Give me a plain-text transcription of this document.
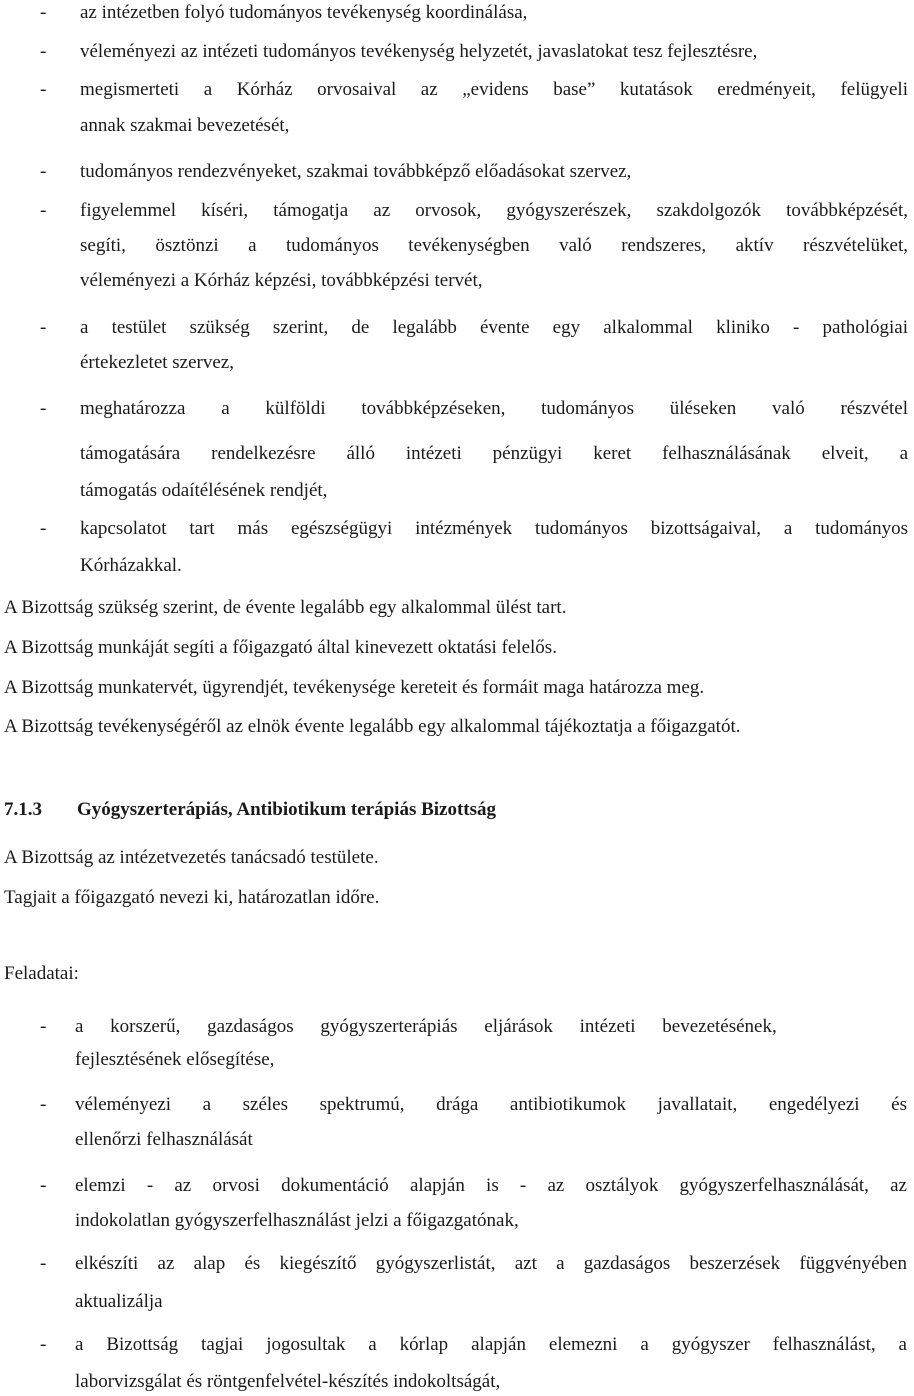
- az intézetben folyó tudományos tevékenység koordinálása,
- véleményezi az intézeti tudományos tevékenység helyzetét, javaslatokat tesz fejlesztésre,
- megismerteti a Kórház orvosaival az „evidens base” kutatások eredményeit, felügyeli
annak szakmai bevezetését,
- tudományos rendezvényeket, szakmai továbbképző előadásokat szervez,
- figyelemmel kíséri, támogatja az orvosok, gyógyszerészek, szakdolgozók továbbképzését,
segíti, ösztönzi a tudományos tevékenységben való rendszeres, aktív részvételüket,
véleményezi a Kórház képzési, továbbképzési tervét,
- a testület szükség szerint, de legalább évente egy alkalommal kliniko - pathológiai
értekezletet szervez,
- meghatározza a külföldi továbbképzéseken, tudományos üléseken való részvétel
támogatására rendelkezésre álló intézeti pénzügyi keret felhasználásának elveit, a
támogatás odaítélésének rendjét,
- kapcsolatot tart más egészségügyi intézmények tudományos bizottságaival, a tudományos
Kórházakkal.
A Bizottság szükség szerint, de évente legalább egy alkalommal ülést tart.
A Bizottság munkáját segíti a főigazgató által kinevezett oktatási felelős.
A Bizottság munkatervét, ügyrendjét, tevékenysége kereteit és formáit maga határozza meg.
A Bizottság tevékenységéről az elnök évente legalább egy alkalommal tájékoztatja a főigazgatót.
7.1.3 Gyógyszerterápiás, Antibiotikum terápiás Bizottság
A Bizottság az intézetvezetés tanácsadó testülete.
Tagjait a főigazgató nevezi ki, határozatlan időre.
Feladatai:
- a korszerű, gazdaságos gyógyszerterápiás eljárások intézeti bevezetésének,
fejlesztésének elősegítése,
- véleményezi a széles spektrumú, drága antibiotikumok javallatait, engedélyezi és
ellenőrzi felhasználását
- elemzi - az orvosi dokumentáció alapján is - az osztályok gyógyszerfelhasználását, az
indokolatlan gyógyszerfelhasználást jelzi a főigazgatónak,
- elkészíti az alap és kiegészítő gyógyszerlistát, azt a gazdaságos beszerzések függvényében
aktualizálja
- a Bizottság tagjai jogosultak a kórlap alapján elemezni a gyógyszer felhasználást, a
laborvizsgálat és röntgenfelvétel-készítés indokoltságát,
